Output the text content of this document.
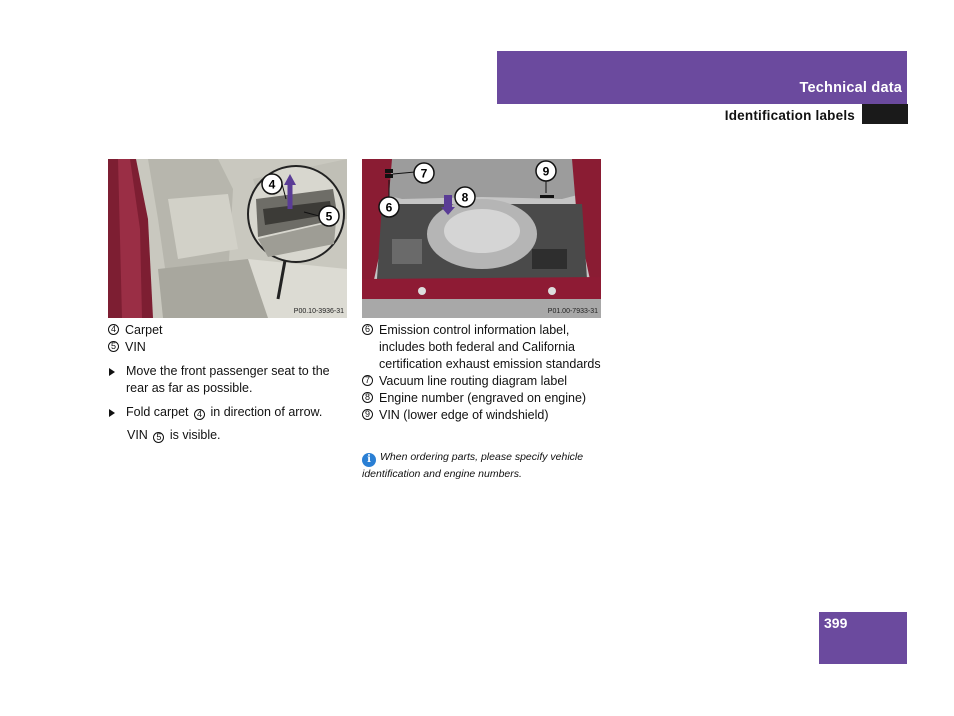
Technical data
Identification labels
4
5
P00.10-3936-31
7
6
8
9
P01.00-7933-31
4 Carpet
5 VIN
Move the front passenger seat to the rear as far as possible.
Fold carpet 4 in direction of arrow.
VIN 5 is visible.
6 Emission control information label, includes both federal and California certification exhaust emission standards
7 Vacuum line routing diagram label
8 Engine number (engraved on engine)
9 VIN (lower edge of windshield)
i When ordering parts, please specify vehicle identification and engine numbers.
399
